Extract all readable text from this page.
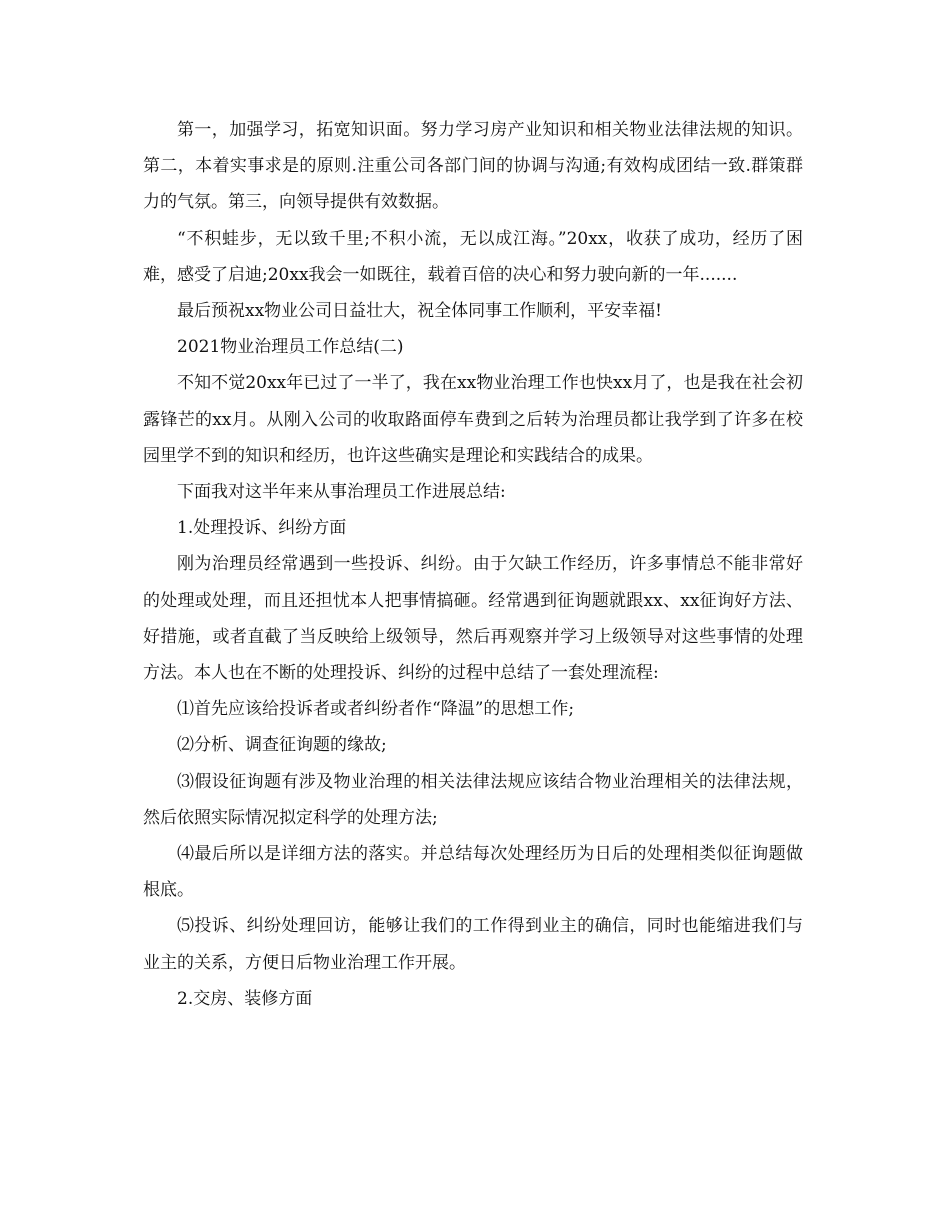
第一，加强学习，拓宽知识面。努力学习房产业知识和相关物业法律法规的知识。第二，本着实事求是的原则.注重公司各部门间的协调与沟通;有效构成团结一致.群策群力的气氛。第三，向领导提供有效数据。

“不积蛙步，无以致千里;不积小流，无以成江海。”20xx，收获了成功，经历了困难，感受了启迪;20xx我会一如既往，载着百倍的决心和努力驶向新的一年.......

最后预祝xx物业公司日益壮大，祝全体同事工作顺利，平安幸福!

2021物业治理员工作总结(二)

不知不觉20xx年已过了一半了，我在xx物业治理工作也快xx月了，也是我在社会初露锋芒的xx月。从刚入公司的收取路面停车费到之后转为治理员都让我学到了许多在校园里学不到的知识和经历，也许这些确实是理论和实践结合的成果。

下面我对这半年来从事治理员工作进展总结:

1.处理投诉、纠纷方面

刚为治理员经常遇到一些投诉、纠纷。由于欠缺工作经历，许多事情总不能非常好的处理或处理，而且还担忧本人把事情搞砸。经常遇到征询题就跟xx、xx征询好方法、好措施，或者直截了当反映给上级领导，然后再观察并学习上级领导对这些事情的处理方法。本人也在不断的处理投诉、纠纷的过程中总结了一套处理流程:

⑴首先应该给投诉者或者纠纷者作“降温”的思想工作;

⑵分析、调查征询题的缘故;

⑶假设征询题有涉及物业治理的相关法律法规应该结合物业治理相关的法律法规，然后依照实际情况拟定科学的处理方法;

⑷最后所以是详细方法的落实。并总结每次处理经历为日后的处理相类似征询题做根底。

⑸投诉、纠纷处理回访，能够让我们的工作得到业主的确信，同时也能缩进我们与业主的关系，方便日后物业治理工作开展。

2.交房、装修方面
